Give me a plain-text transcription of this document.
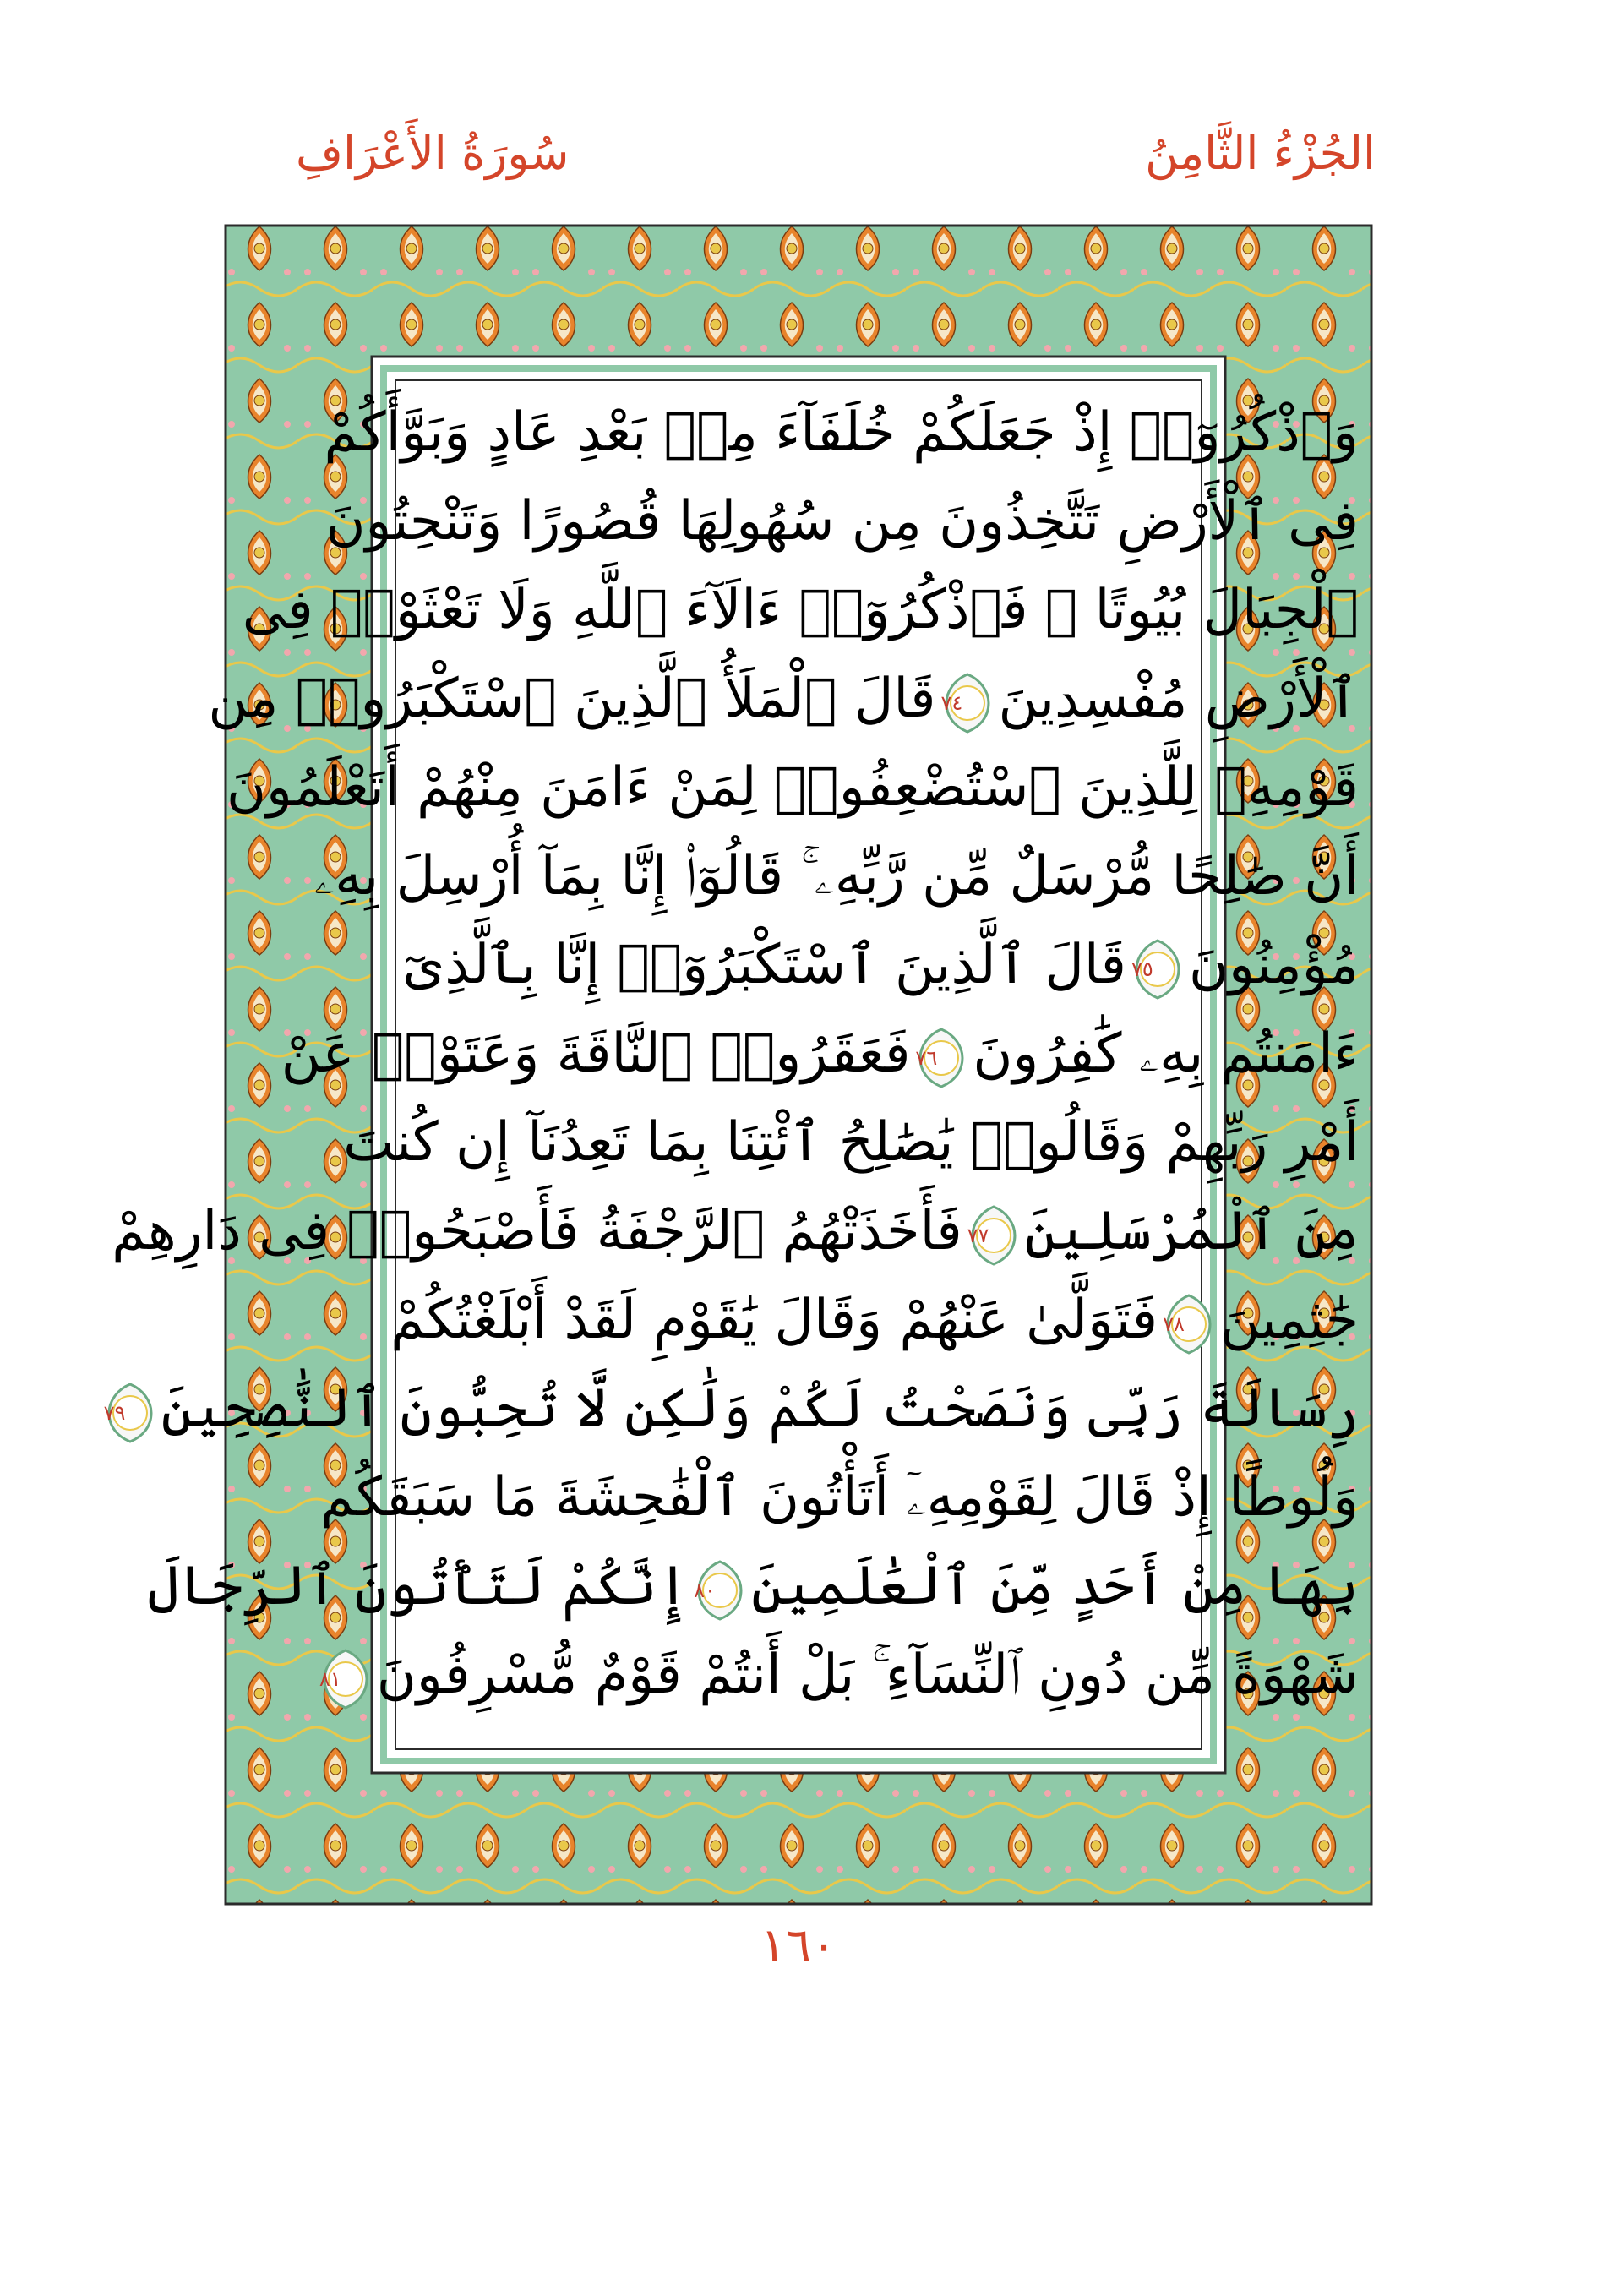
الجُزْءُ الثَّامِنُ
سُورَةُ الأَعْرَافِ
وَٱذْكُرُوٓا۟ إِذْ جَعَلَكُمْ خُلَفَآءَ مِنۢ بَعْدِ عَادٍ وَبَوَّأَكُمْ
فِى ٱلْأَرْضِ تَتَّخِذُونَ مِن سُهُولِهَا قُصُورًا وَتَنْحِتُونَ
ٱلْجِبَالَ بُيُوتًا ۖ فَٱذْكُرُوٓا۟ ءَالَآءَ ٱللَّهِ وَلَا تَعْثَوْا۟ فِى
ٱلْأَرْضِ مُفْسِدِينَ
٧٤
قَالَ ٱلْمَلَأُ ٱلَّذِينَ ٱسْتَكْبَرُوا۟ مِن
قَوْمِهِۦ لِلَّذِينَ ٱسْتُضْعِفُوا۟ لِمَنْ ءَامَنَ مِنْهُمْ أَتَعْلَمُونَ
أَنَّ صَٰلِحًا مُّرْسَلٌ مِّن رَّبِّهِۦ ۚ قَالُوٓا۟ إِنَّا بِمَآ أُرْسِلَ بِهِۦ
مُؤْمِنُونَ
٧٥
قَالَ ٱلَّذِينَ ٱسْتَكْبَرُوٓا۟ إِنَّا بِٱلَّذِىٓ
ءَامَنتُم بِهِۦ كَٰفِرُونَ
٧٦
فَعَقَرُوا۟ ٱلنَّاقَةَ وَعَتَوْا۟ عَنْ
أَمْرِ رَبِّهِمْ وَقَالُوا۟ يَٰصَٰلِحُ ٱئْتِنَا بِمَا تَعِدُنَآ إِن كُنتَ
مِنَ ٱلْمُرْسَلِينَ
٧٧
فَأَخَذَتْهُمُ ٱلرَّجْفَةُ فَأَصْبَحُوا۟ فِى دَارِهِمْ
جَٰثِمِينَ
٧٨
فَتَوَلَّىٰ عَنْهُمْ وَقَالَ يَٰقَوْمِ لَقَدْ أَبْلَغْتُكُمْ
رِسَالَةَ رَبِّى وَنَصَحْتُ لَكُمْ وَلَٰكِن لَّا تُحِبُّونَ ٱلنَّٰصِحِينَ
٧٩
وَلُوطًا إِذْ قَالَ لِقَوْمِهِۦٓ أَتَأْتُونَ ٱلْفَٰحِشَةَ مَا سَبَقَكُم
بِهَا مِنْ أَحَدٍ مِّنَ ٱلْعَٰلَمِينَ
٨٠
إِنَّكُمْ لَتَأْتُونَ ٱلرِّجَالَ
شَهْوَةً مِّن دُونِ ٱلنِّسَآءِ ۚ بَلْ أَنتُمْ قَوْمٌ مُّسْرِفُونَ
٨١
١٦٠
